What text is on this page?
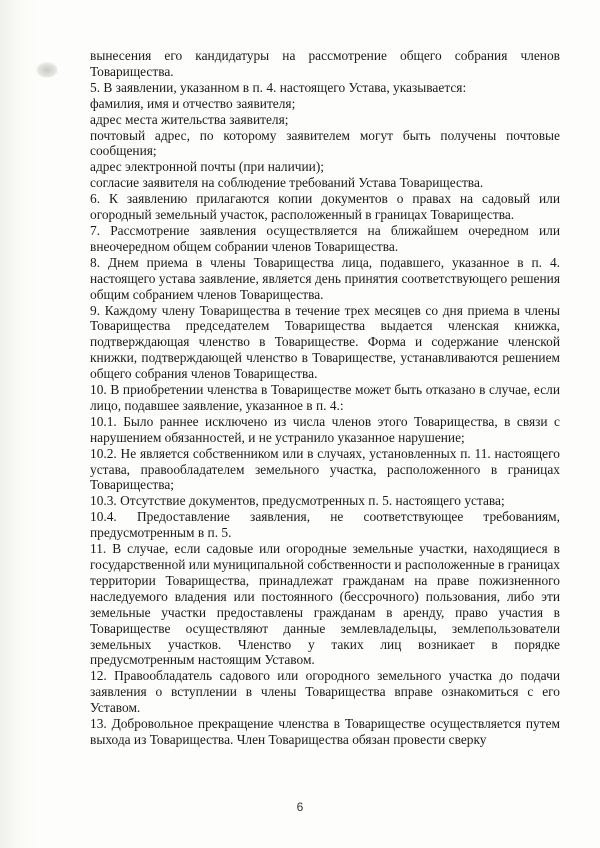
вынесения его кандидатуры на рассмотрение общего собрания членов Товарищества.

5. В заявлении, указанном в п. 4. настоящего Устава, указывается:

фамилия, имя и отчество заявителя;

адрес места жительства заявителя;

почтовый адрес, по которому заявителем могут быть получены почтовые сообщения;

адрес электронной почты (при наличии);

согласие заявителя на соблюдение требований Устава Товарищества.

6. К заявлению прилагаются копии документов о правах на садовый или огородный земельный участок, расположенный в границах Товарищества.

7. Рассмотрение заявления осуществляется на ближайшем очередном или внеочередном общем собрании членов Товарищества.

8. Днем приема в члены Товарищества лица, подавшего, указанное в п. 4. настоящего устава заявление, является день принятия соответствующего решения общим собранием членов Товарищества.

9. Каждому члену Товарищества в течение трех месяцев со дня приема в члены Товарищества председателем Товарищества выдается членская книжка, подтверждающая членство в Товариществе. Форма и содержание членской книжки, подтверждающей членство в Товариществе, устанавливаются решением общего собрания членов Товарищества.

10. В приобретении членства в Товариществе может быть отказано в случае, если лицо, подавшее заявление, указанное в п. 4.:

10.1. Было раннее исключено из числа членов этого Товарищества, в связи с нарушением обязанностей, и не устранило указанное нарушение;

10.2. Не является собственником или в случаях, установленных п. 11. настоящего устава, правообладателем земельного участка, расположенного в границах Товарищества;

10.3. Отсутствие документов, предусмотренных п. 5. настоящего устава;

10.4. Предоставление заявления, не соответствующее требованиям, предусмотренным в п. 5.

11. В случае, если садовые или огородные земельные участки, находящиеся в государственной или муниципальной собственности и расположенные в границах территории Товарищества, принадлежат гражданам на праве пожизненного наследуемого владения или постоянного (бессрочного) пользования, либо эти земельные участки предоставлены гражданам в аренду, право участия в Товариществе осуществляют данные землевладельцы, землепользователи земельных участков. Членство у таких лиц возникает в порядке предусмотренным настоящим Уставом.

12. Правообладатель садового или огородного земельного участка до подачи заявления о вступлении в члены Товарищества вправе ознакомиться с его Уставом.

13. Добровольное прекращение членства в Товариществе осуществляется путем выхода из Товарищества. Член Товарищества обязан провести сверку

6
